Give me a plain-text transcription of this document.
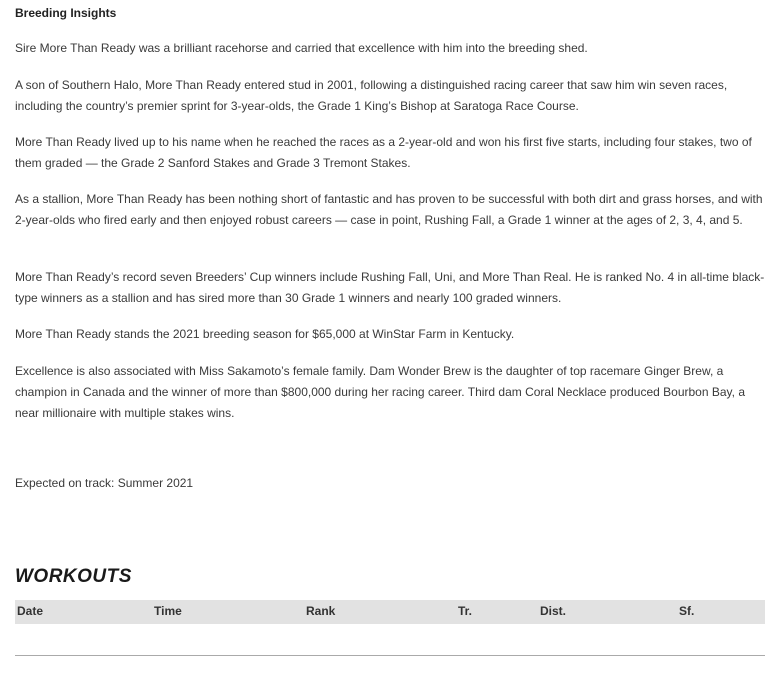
Breeding Insights

Sire More Than Ready was a brilliant racehorse and carried that excellence with him into the breeding shed.

A son of Southern Halo, More Than Ready entered stud in 2001, following a distinguished racing career that saw him win seven races, including the country’s premier sprint for 3-year-olds, the Grade 1 King’s Bishop at Saratoga Race Course.

More Than Ready lived up to his name when he reached the races as a 2-year-old and won his first five starts, including four stakes, two of them graded — the Grade 2 Sanford Stakes and Grade 3 Tremont Stakes.

As a stallion, More Than Ready has been nothing short of fantastic and has proven to be successful with both dirt and grass horses, and with 2-year-olds who fired early and then enjoyed robust careers — case in point, Rushing Fall, a Grade 1 winner at the ages of 2, 3, 4, and 5.

More Than Ready’s record seven Breeders’ Cup winners include Rushing Fall, Uni, and More Than Real. He is ranked No. 4 in all-time black-type winners as a stallion and has sired more than 30 Grade 1 winners and nearly 100 graded winners.

More Than Ready stands the 2021 breeding season for $65,000 at WinStar Farm in Kentucky.

Excellence is also associated with Miss Sakamoto’s female family. Dam Wonder Brew is the daughter of top racemare Ginger Brew, a champion in Canada and the winner of more than $800,000 during her racing career. Third dam Coral Necklace produced Bourbon Bay, a near millionaire with multiple stakes wins.

Expected on track: Summer 2021
WORKOUTS
Date	Time	Rank	Tr.	Dist.	Sf.
